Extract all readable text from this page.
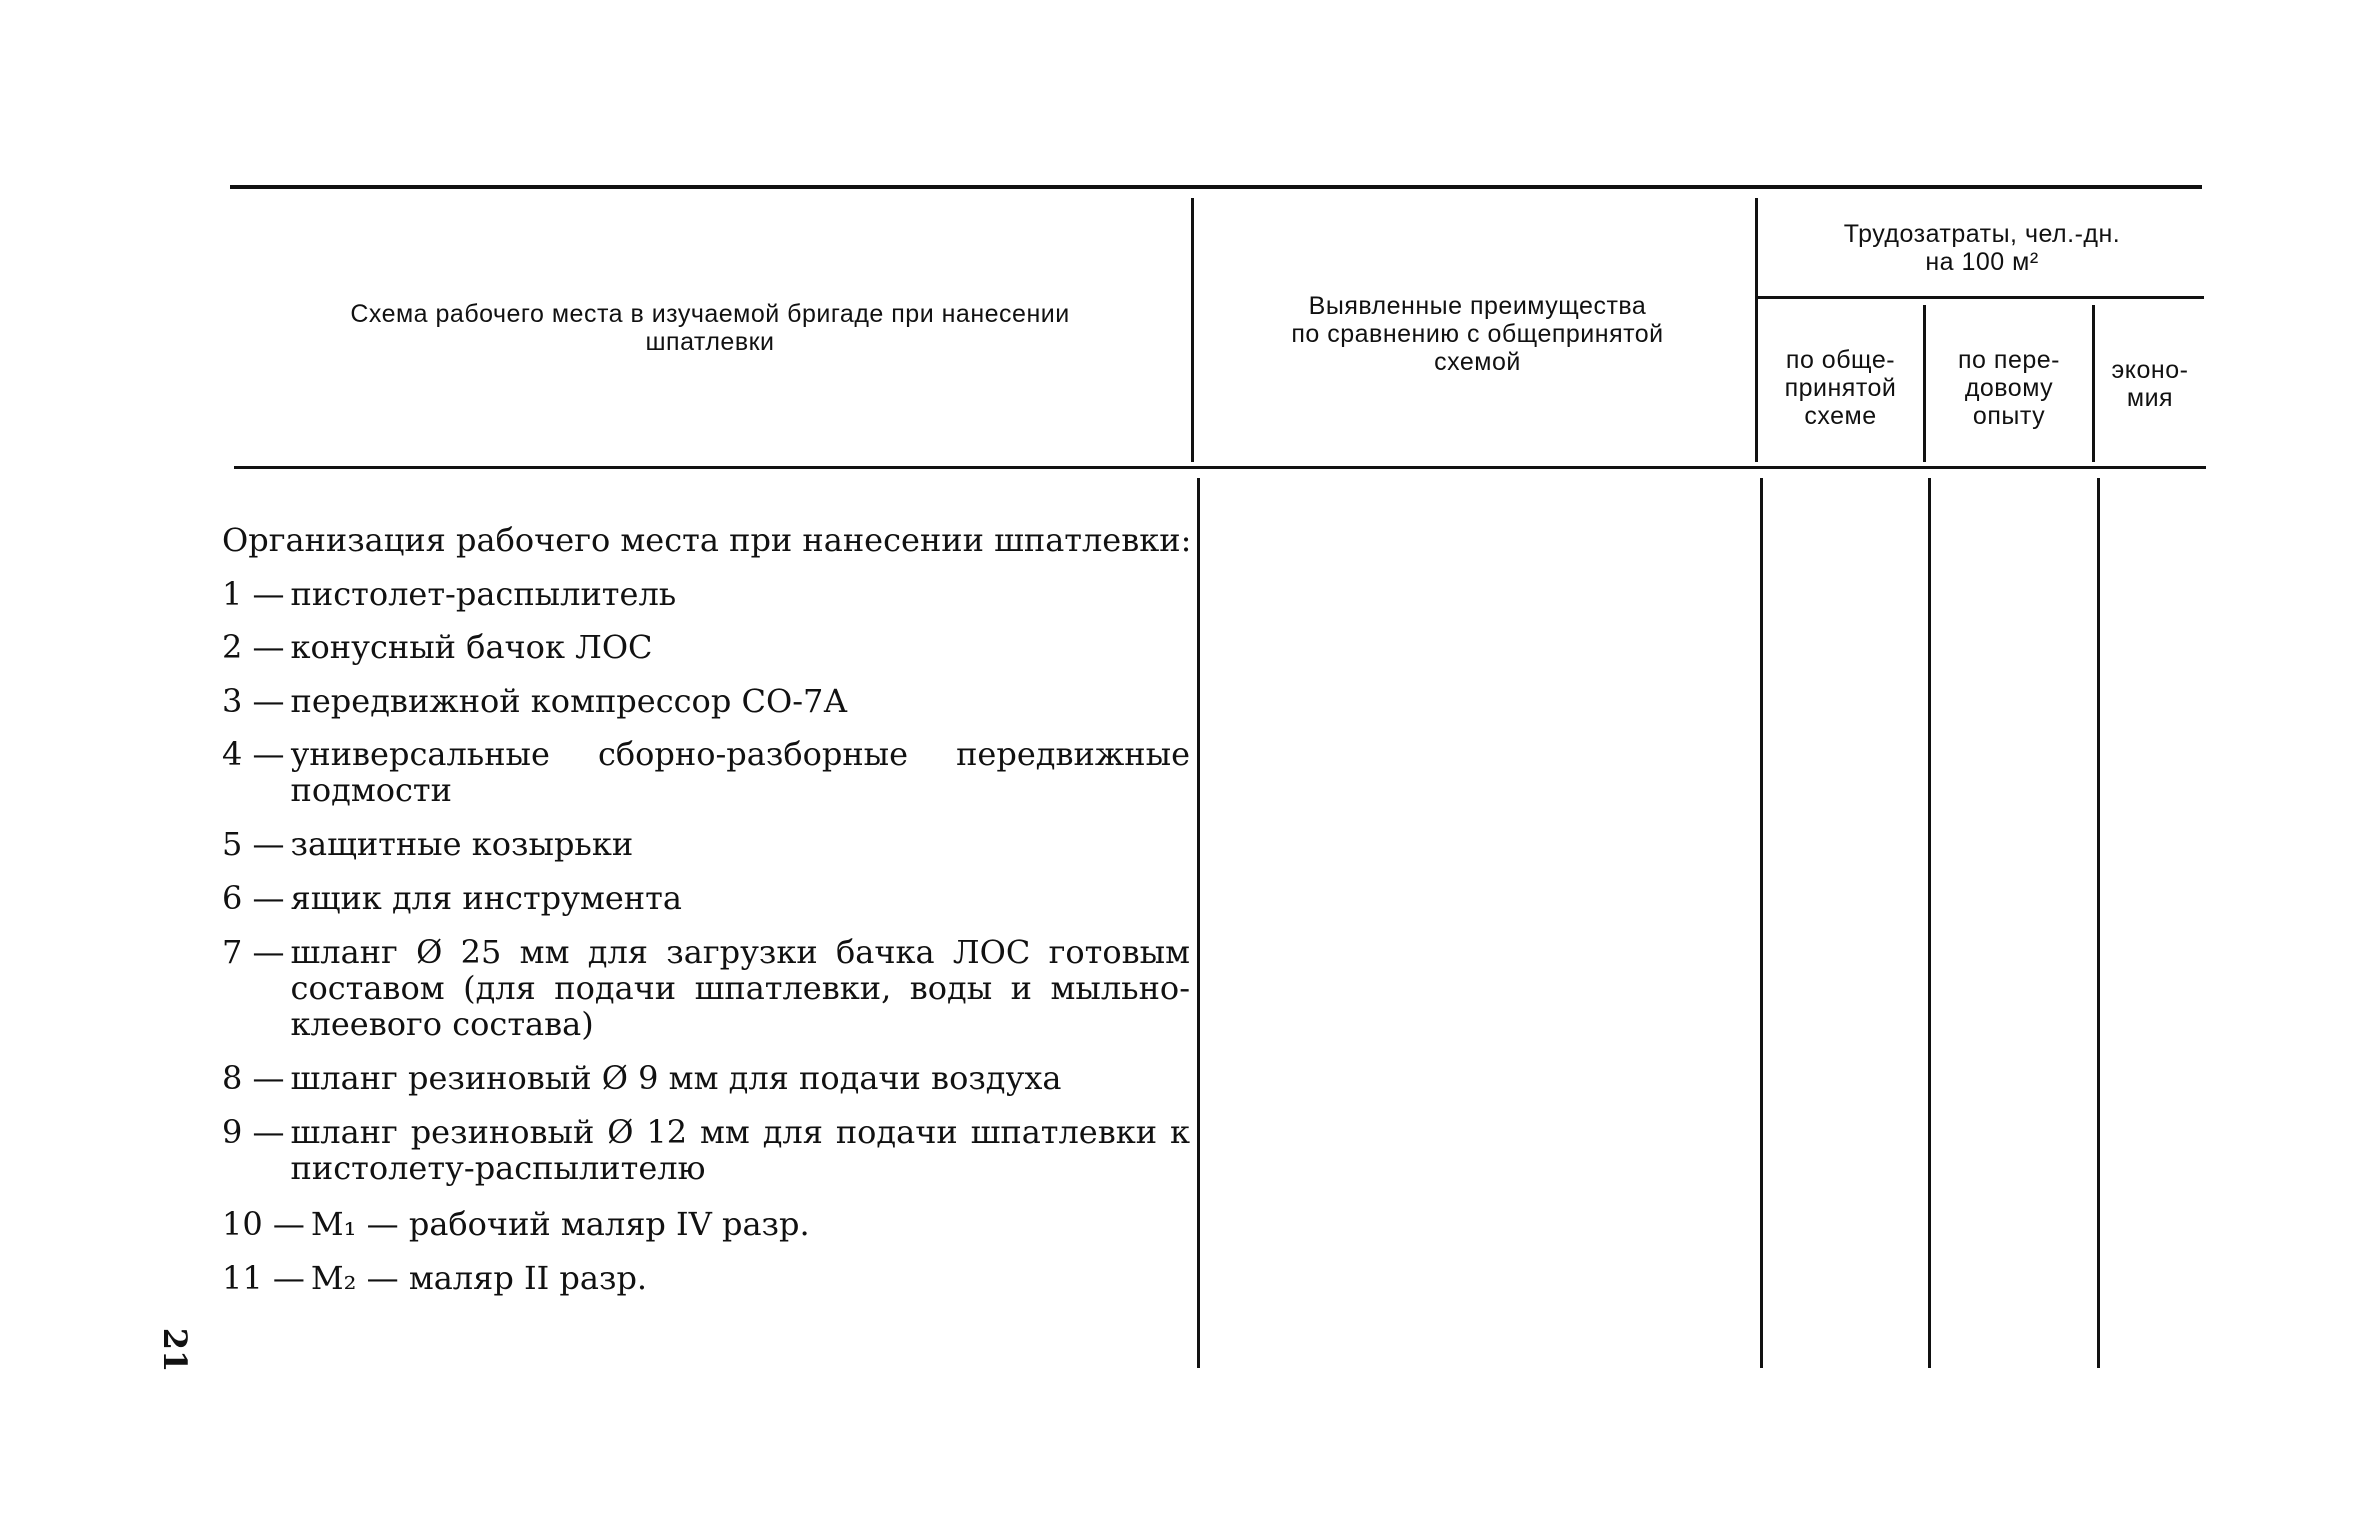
Схема рабочего места в изучаемой бригаде при нанесении
шпатлевки
Выявленные преимущества
по сравнению с общепринятой
схемой
Трудозатраты, чел.-дн.
на 100 м²
по обще-
принятой
схеме
по пере-
довому
опыту
эконо-
мия
Организация рабочего места при нанесении шпатлевки:
1 — пистолет-распылитель
2 — конусный бачок ЛОС
3 — передвижной компрессор СО-7А
4 — универсальные сборно-разборные передвижные подмости
5 — защитные козырьки
6 — ящик для инструмента
7 — шланг Ø 25 мм для загрузки бачка ЛОС готовым составом (для подачи шпатлевки, воды и мыльно-клеевого состава)
8 — шланг резиновый Ø 9 мм для подачи воздуха
9 — шланг резиновый Ø 12 мм для подачи шпатлевки к пистолету-распылителю
10 — M₁ — рабочий маляр IV разр.
11 — M₂ — маляр II разр.
21
